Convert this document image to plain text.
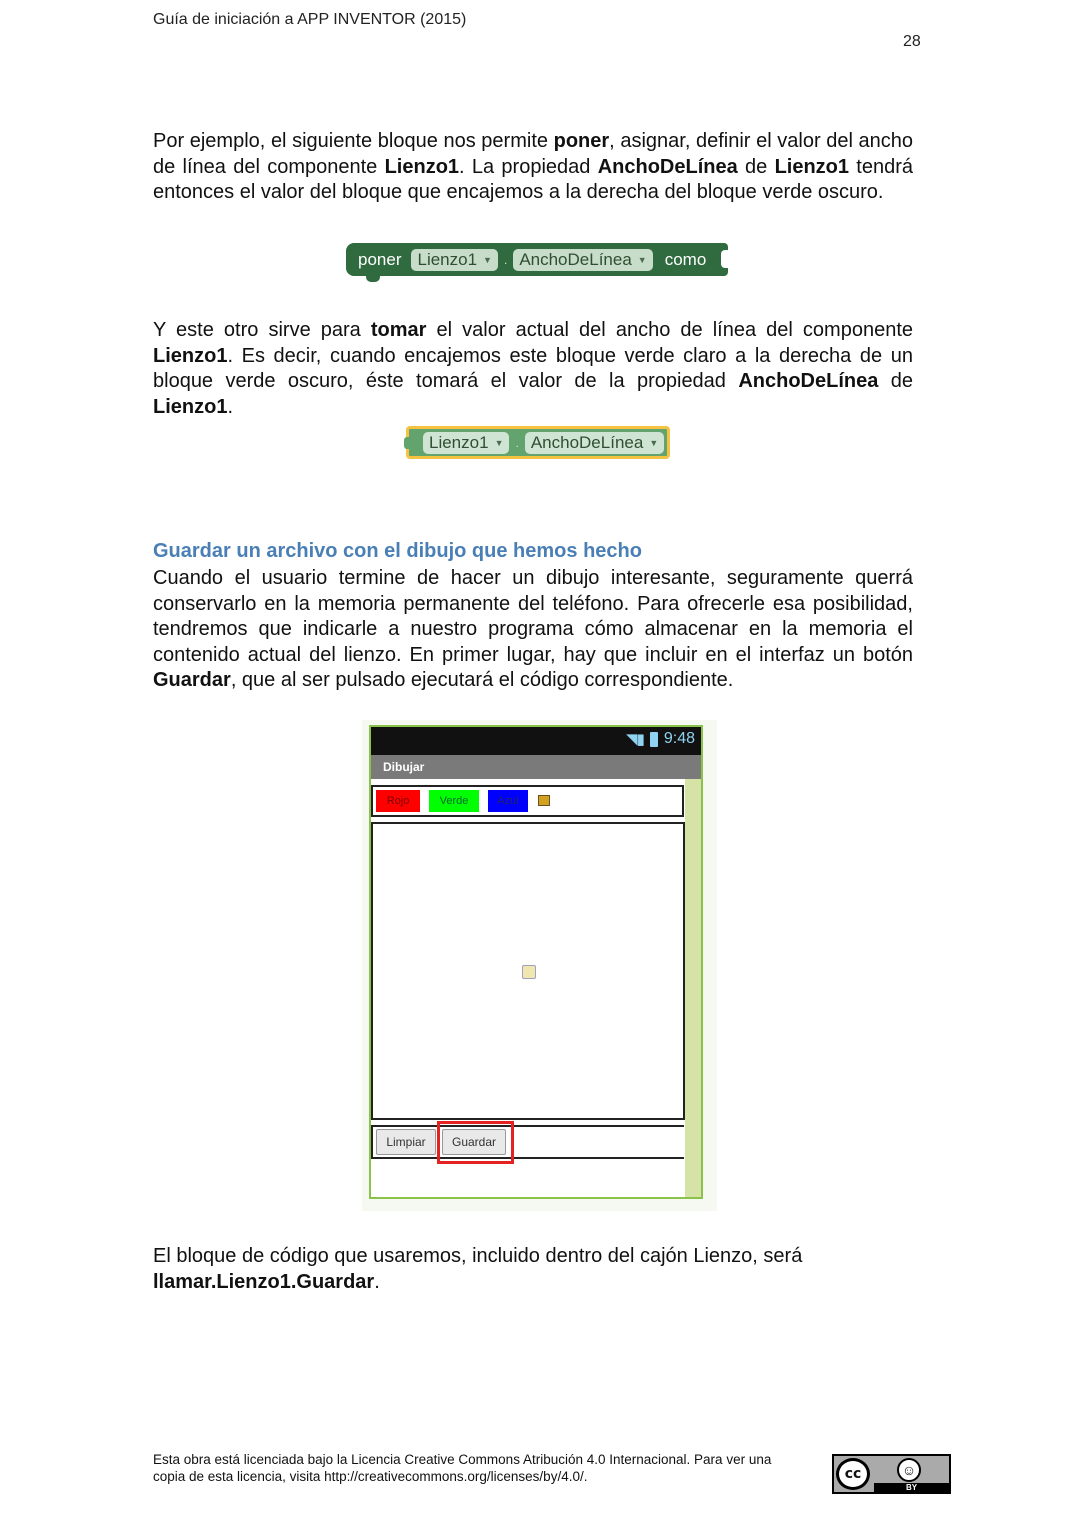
Guía de iniciación a APP INVENTOR (2015)
28

Por ejemplo, el siguiente bloque nos permite poner, asignar, definir el valor del ancho de línea del componente Lienzo1. La propiedad AnchoDeLínea de Lienzo1 tendrá entonces el valor del bloque que encajemos a la derecha del bloque verde oscuro.

poner Lienzo1 ▼ . AnchoDeLínea ▼ como

Y este otro sirve para tomar el valor actual del ancho de línea del componente Lienzo1. Es decir, cuando encajemos este bloque verde claro a la derecha de un bloque verde oscuro, éste tomará el valor de la propiedad AnchoDeLínea de Lienzo1.

Lienzo1 ▼ . AnchoDeLínea ▼
Guardar un archivo con el dibujo que hemos hecho

Cuando el usuario termine de hacer un dibujo interesante, seguramente querrá conservarlo en la memoria permanente del teléfono. Para ofrecerle esa posibilidad, tendremos que indicarle a nuestro programa cómo almacenar en la memoria el contenido actual del lienzo. En primer lugar, hay que incluir en el interfaz un botón Guardar, que al ser pulsado ejecutará el código correspondiente.

◥▮ 9:48
Dibujar
Rojo	Verde	Azul
Limpiar	Guardar

El bloque de código que usaremos, incluido dentro del cajón Lienzo, será
llamar.Lienzo1.Guardar.

Esta obra está licenciada bajo la Licencia Creative Commons Atribución 4.0 Internacional. Para ver una
copia de esta licencia, visita http://creativecommons.org/licenses/by/4.0/.	cc	☺
BY
